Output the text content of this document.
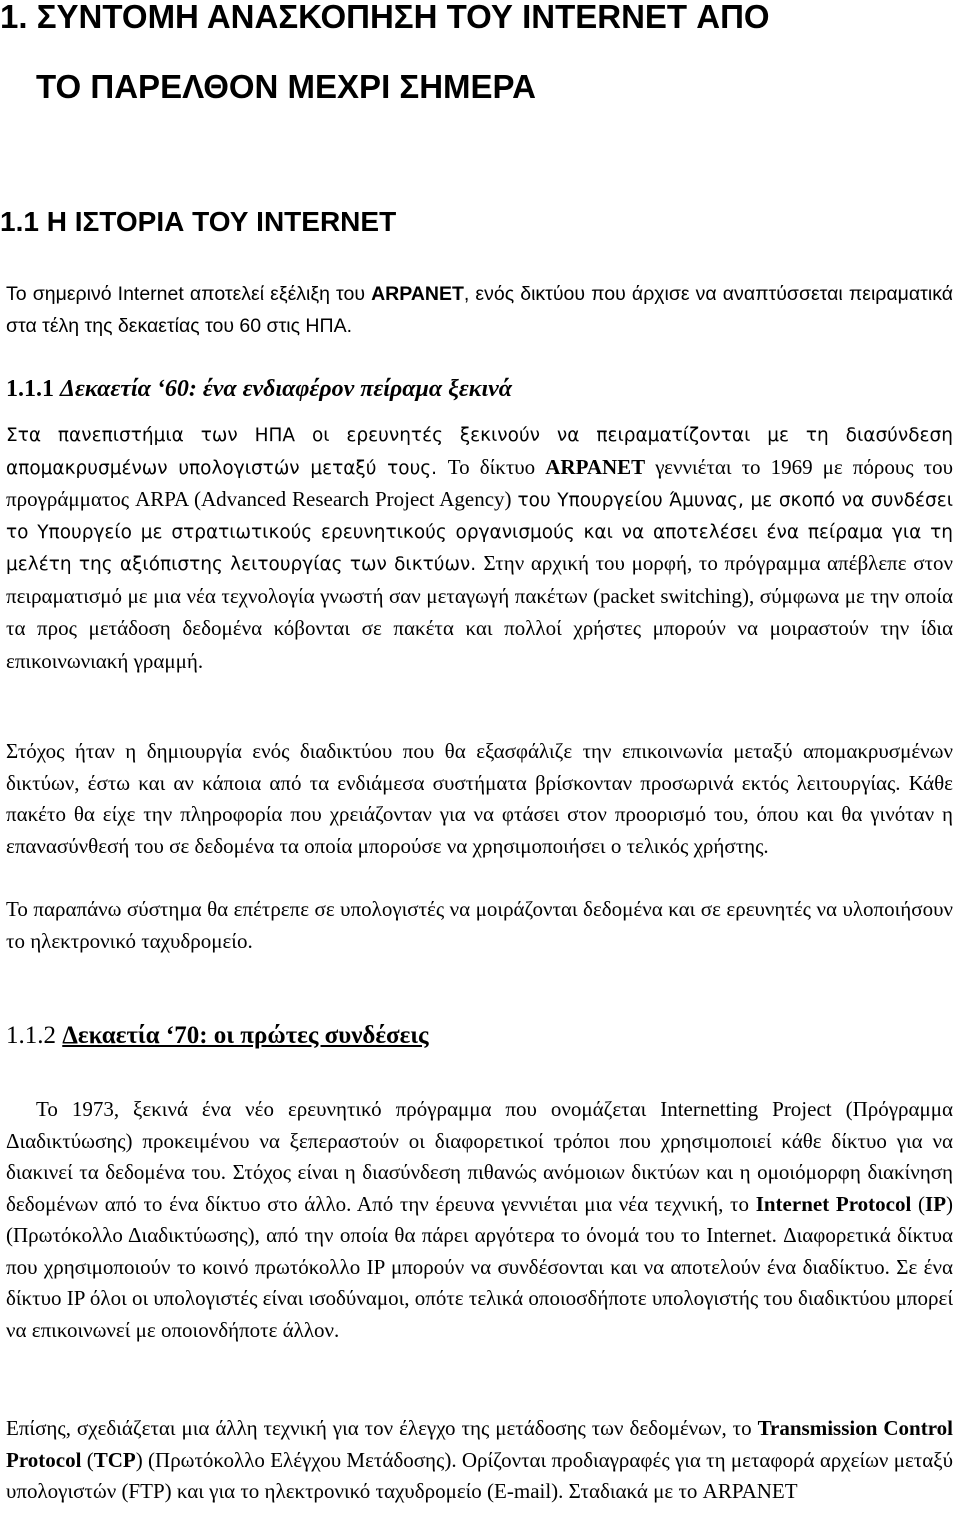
1. ΣΥΝΤΟΜΗ ΑΝΑΣΚΟΠΗΣΗ ΤΟΥ INTERNET ΑΠΟ
ΤΟ ΠΑΡΕΛΘΟΝ ΜΕΧΡΙ ΣΗΜΕΡΑ
1.1 Η ΙΣΤΟΡΙΑ ΤΟΥ INTERNET
Το σημερινό Internet αποτελεί εξέλιξη του ARPANET, ενός δικτύου που άρχισε να αναπτύσσεται πειραματικά στα τέλη της δεκαετίας του 60 στις ΗΠΑ.
1.1.1 Δεκαετία ‘60: ένα ενδιαφέρον πείραμα ξεκινά
Στα πανεπιστήμια των ΗΠΑ οι ερευνητές ξεκινούν να πειραματίζονται με τη διασύνδεση απομακρυσμένων υπολογιστών μεταξύ τους. Το δίκτυο ARPANET γεννιέται το 1969 με πόρους του προγράμματος ARPA (Advanced Research Project Agency) του Υπουργείου Άμυνας, με σκοπό να συνδέσει το Υπουργείο με στρατιωτικούς ερευνητικούς οργανισμούς και να αποτελέσει ένα πείραμα για τη μελέτη της αξιόπιστης λειτουργίας των δικτύων. Στην αρχική του μορφή, το πρόγραμμα απέβλεπε στον πειραματισμό με μια νέα τεχνολογία γνωστή σαν μεταγωγή πακέτων (packet switching), σύμφωνα με την οποία τα προς μετάδοση δεδομένα κόβονται σε πακέτα και πολλοί χρήστες μπορούν να μοιραστούν την ίδια επικοινωνιακή γραμμή.
Στόχος ήταν η δημιουργία ενός διαδικτύου που θα εξασφάλιζε την επικοινωνία μεταξύ απομακρυσμένων δικτύων, έστω και αν κάποια από τα ενδιάμεσα συστήματα βρίσκονταν προσωρινά εκτός λειτουργίας. Κάθε πακέτο θα είχε την πληροφορία που χρειάζονταν για να φτάσει στον προορισμό του, όπου και θα γινόταν η επανασύνθεσή του σε δεδομένα τα οποία μπορούσε να χρησιμοποιήσει ο τελικός χρήστης.
Το παραπάνω σύστημα θα επέτρεπε σε υπολογιστές να μοιράζονται δεδομένα και σε ερευνητές να υλοποιήσουν το ηλεκτρονικό ταχυδρομείο.
1.1.2 Δεκαετία ‘70: οι πρώτες συνδέσεις
Το 1973, ξεκινά ένα νέο ερευνητικό πρόγραμμα που ονομάζεται Internetting Project (Πρόγραμμα Διαδικτύωσης) προκειμένου να ξεπεραστούν οι διαφορετικοί τρόποι που χρησιμοποιεί κάθε δίκτυο για να διακινεί τα δεδομένα του. Στόχος είναι η διασύνδεση πιθανώς ανόμοιων δικτύων και η ομοιόμορφη διακίνηση δεδομένων από το ένα δίκτυο στο άλλο. Από την έρευνα γεννιέται μια νέα τεχνική, το Internet Protocol (IP) (Πρωτόκολλο Διαδικτύωσης), από την οποία θα πάρει αργότερα το όνομά του το Internet. Διαφορετικά δίκτυα που χρησιμοποιούν το κοινό πρωτόκολλο IP μπορούν να συνδέσονται και να αποτελούν ένα διαδίκτυο. Σε ένα δίκτυο IP όλοι οι υπολογιστές είναι ισοδύναμοι, οπότε τελικά οποιοσδήποτε υπολογιστής του διαδικτύου μπορεί να επικοινωνεί με οποιονδήποτε άλλον.
Επίσης, σχεδιάζεται μια άλλη τεχνική για τον έλεγχο της μετάδοσης των δεδομένων, το Transmission Control Protocol (TCP) (Πρωτόκολλο Ελέγχου Μετάδοσης). Ορίζονται προδιαγραφές για τη μεταφορά αρχείων μεταξύ υπολογιστών (FTP) και για το ηλεκτρονικό ταχυδρομείο (E-mail). Σταδιακά με το ARPANET
